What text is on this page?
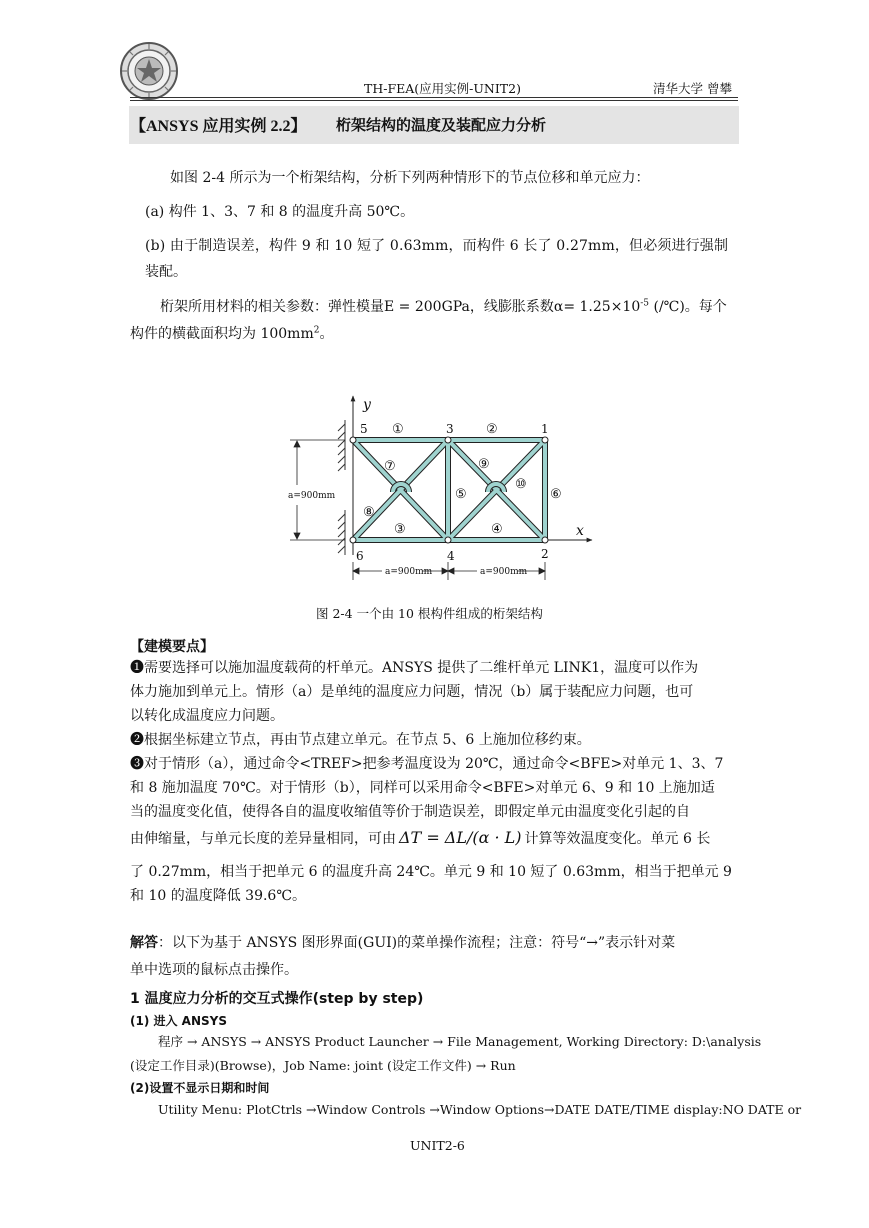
TH-FEA(应用实例-UNIT2)	清华大学 曾攀
【ANSYS 应用实例 2.2】 桁架结构的温度及装配应力分析
如图 2-4 所示为一个桁架结构，分析下列两种情形下的节点位移和单元应力：
(a) 构件 1、3、7 和 8 的温度升高 50℃。
(b) 由于制造误差，构件 9 和 10 短了 0.63mm，而构件 6 长了 0.27mm，但必须进行强制
装配。
桁架所用材料的相关参数：弹性模量E = 200GPa，线膨胀系数$\alpha= 1.25\times 10^{-5}$ (/℃)。每个
构件的横截面积均为 $100mm^2$。
y
x
5	3	1
6	4	2
①	②
③	④
⑤	⑥
⑦
⑧
⑨
⑩
a=900mm
a=900mm	a=900mm
图 2-4 一个由 10 根构件组成的桁架结构
【建模要点】
❶需要选择可以施加温度载荷的杆单元。ANSYS 提供了二维杆单元 LINK1，温度可以作为
体力施加到单元上。情形（a）是单纯的温度应力问题，情况（b）属于装配应力问题，也可
以转化成温度应力问题。
❷根据坐标建立节点，再由节点建立单元。在节点 5、6 上施加位移约束。
❸对于情形（a），通过命令<TREF>把参考温度设为 20℃，通过命令<BFE>对单元 1、3、7
和 8 施加温度 70℃。对于情形（b），同样可以采用命令<BFE>对单元 6、9 和 10 上施加适
当的温度变化值，使得各自的温度收缩值等价于制造误差，即假定单元由温度变化引起的自
由伸缩量，与单元长度的差异量相同，可由 ΔT = ΔL/(α · L) 计算等效温度变化。单元 6 长
了 0.27mm，相当于把单元 6 的温度升高 24℃。单元 9 和 10 短了 0.63mm，相当于把单元 9
和 10 的温度降低 39.6℃。
解答：以下为基于 ANSYS 图形界面(GUI)的菜单操作流程；注意：符号“→”表示针对菜
单中选项的鼠标点击操作。
1 温度应力分析的交互式操作(step by step)
(1) 进入 ANSYS
程序 → ANSYS → ANSYS Product Launcher → File Management, Working Directory: D:\analysis
(设定工作目录)(Browse)，Job Name: joint (设定工作文件) → Run
(2)设置不显示日期和时间
Utility Menu: PlotCtrls →Window Controls →Window Options→DATE DATE/TIME display:NO DATE or
UNIT2-6
